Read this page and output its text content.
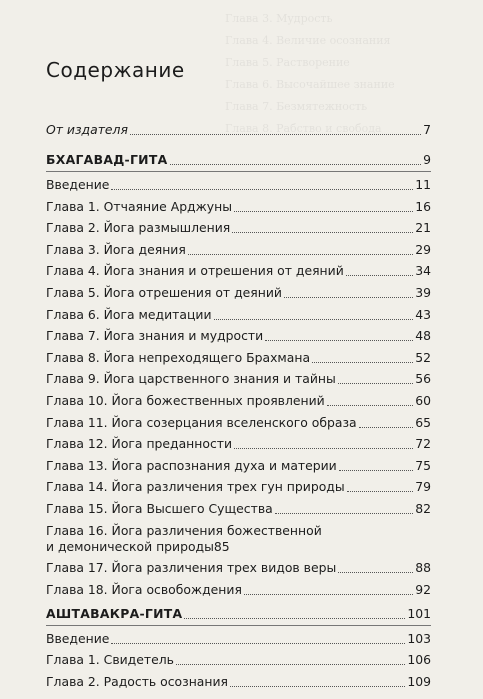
Глава 3. Мудрость
Глава 4. Величие осознания
Глава 5. Растворение
Глава 6. Высочайшее знание
Глава 7. Безмятежность
Глава 8. Рабство и свобода
Содержание
От издателя	7
БХАГАВАД-ГИТА	9
Введение	11
Глава 1. Отчаяние Арджуны	16
Глава 2. Йога размышления	21
Глава 3. Йога деяния	29
Глава 4. Йога знания и отрешения от деяний	34
Глава 5. Йога отрешения от деяний	39
Глава 6. Йога медитации	43
Глава 7. Йога знания и мудрости	48
Глава 8. Йога непреходящего Брахмана	52
Глава 9. Йога царственного знания и тайны	56
Глава 10. Йога божественных проявлений	60
Глава 11. Йога созерцания вселенского образа	65
Глава 12. Йога преданности	72
Глава 13. Йога распознания духа и материи	75
Глава 14. Йога различения трех гун природы	79
Глава 15. Йога Высшего Существа	82
Глава 16. Йога различения божественной
и демонической природы 85
Глава 17. Йога различения трех видов веры	88
Глава 18. Йога освобождения	92
АШТАВАКРА-ГИТА	101
Введение	103
Глава 1. Свидетель	106
Глава 2. Радость осознания	109
